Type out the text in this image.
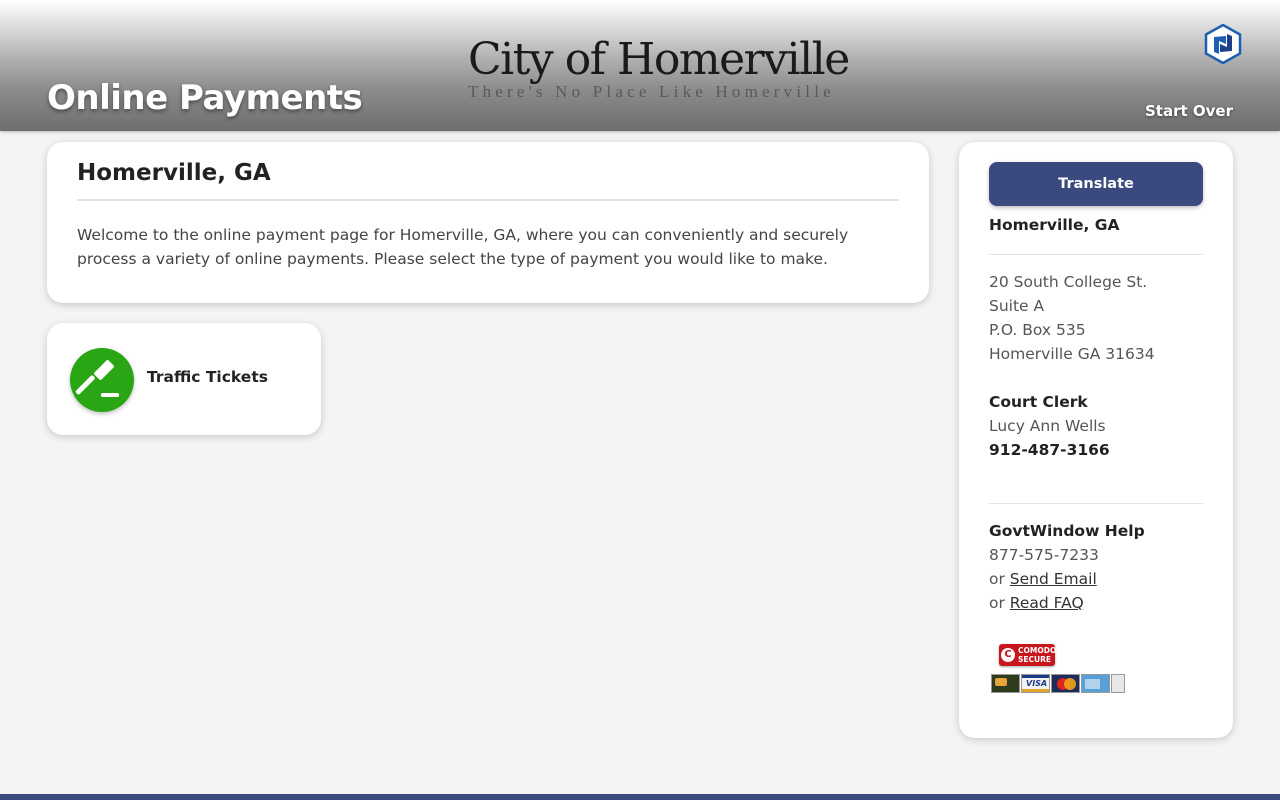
Online Payments
City of Homerville
There's No Place Like Homerville
Start Over
Homerville, GA
Welcome to the online payment page for Homerville, GA, where you can conveniently and securely process a variety of online payments. Please select the type of payment you would like to make.
Traffic Tickets
Translate
Homerville, GA
20 South College St.
Suite A
P.O. Box 535
Homerville GA 31634
Court Clerk
Lucy Ann Wells
912-487-3166
GovtWindow Help
877-575-7233
or Send Email
or Read FAQ
C COMODO
SECURE
VISA
